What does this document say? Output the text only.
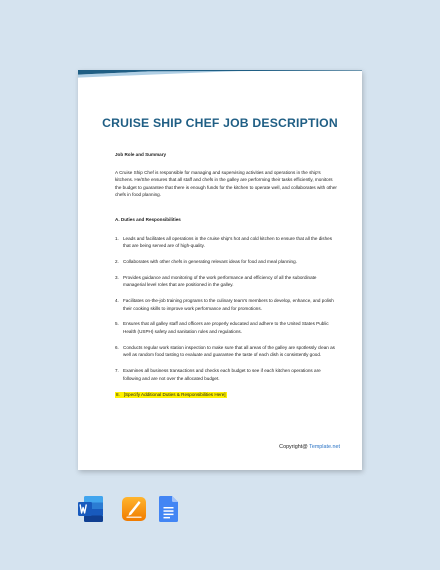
CRUISE SHIP CHEF JOB DESCRIPTION
Job Role and Summary
A Cruise Ship Chef is responsible for managing and supervising activities and operations in the ship's kitchens. He/She ensures that all staff and chefs in the galley are performing their tasks efficiently, monitors the budget to guarantee that there is enough funds for the kitchen to operate well, and collaborates with other chefs in food planning.
A. Duties and Responsibilities
1. Leads and facilitates all operations in the cruise ship's hot and cold kitchen to ensure that all the dishes that are being served are of high-quality.
2. Collaborates with other chefs in generating relevant ideas for food and meal planning.
3. Provides guidance and monitoring of the work performance and efficiency of all the subordinate managerial level roles that are positioned in the galley.
4. Facilitates on-the-job training programs to the culinary team's members to develop, enhance, and polish their cooking skills to improve work performance and for promotions.
5. Ensures that all galley staff and officers are properly educated and adhere to the United States Public Health (USPH) safety and sanitation rules and regulations.
6. Conducts regular work station inspection to make sure that all areas of the galley are spotlessly clean as well as random food tasting to evaluate and guarantee the taste of each dish is consistently good.
7. Examines all business transactions and checks each budget to see if each kitchen operations are following and are not over the allocated budget.
8. [Specify Additional Duties & Responsibilities Here]
Copyright@ Template.net
